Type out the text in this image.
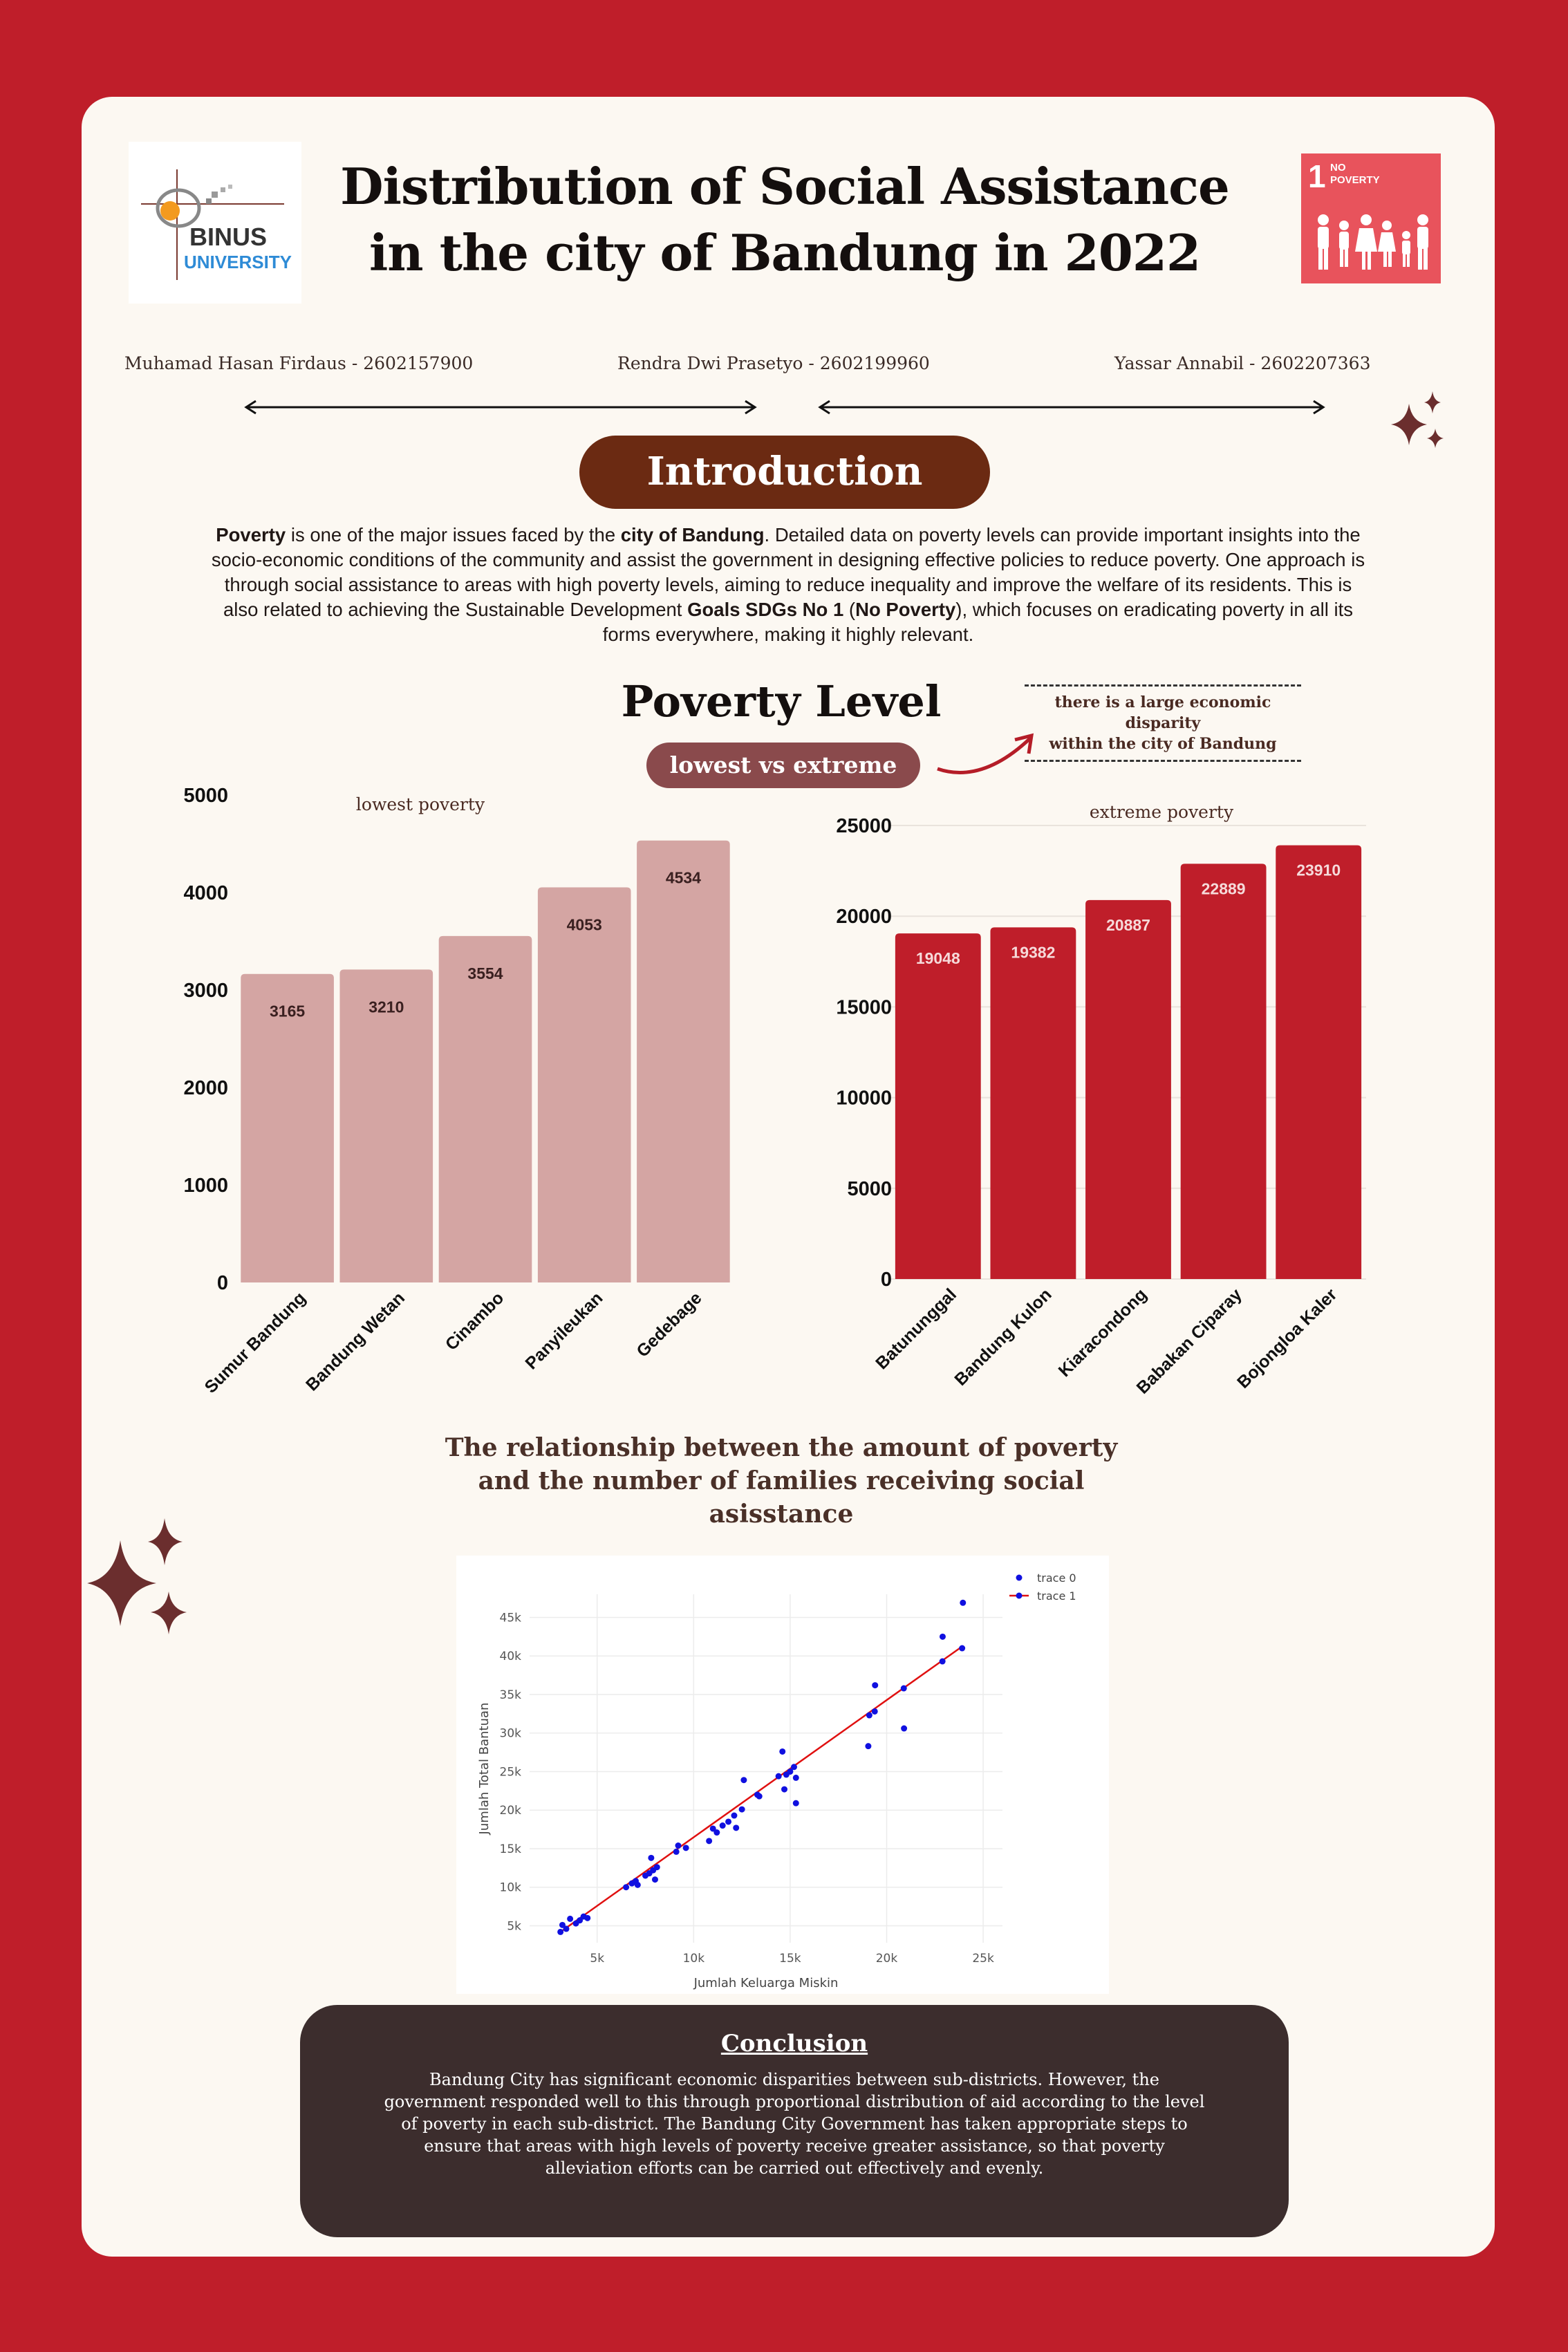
BINUS
UNIVERSITY
Distribution of Social Assistance
in the city of Bandung in 2022
1 NO
POVERTY
Muhamad Hasan Firdaus - 2602157900	Rendra Dwi Prasetyo - 2602199960	Yassar Annabil - 2602207363
Introduction
Poverty is one of the major issues faced by the city of Bandung. Detailed data on poverty levels can provide important insights into the socio-economic conditions of the community and assist the government in designing effective policies to reduce poverty. One approach is through social assistance to areas with high poverty levels, aiming to reduce inequality and improve the welfare of its residents. This is also related to achieving the Sustainable Development Goals SDGs No 1 (No Poverty), which focuses on eradicating poverty in all its forms everywhere, making it highly relevant.
Poverty Level
lowest vs extreme
there is a large economic disparity
within the city of Bandung
0
1000
2000
3000
4000
5000
3165
Sumur Bandung
3210
Bandung Wetan
3554
Cinambo
4053
Panyileukan
4534
Gedebage
lowest poverty
0
5000
10000
15000
20000
25000
19048
Batununggal
19382
Bandung Kulon
20887
Kiaracondong
22889
Babakan Ciparay
23910
Bojongloa Kaler
extreme poverty
The relationship between the amount of poverty and the number of families receiving social asisstance
5k	10k	15k	20k	25k
5k
10k
15k
20k
25k
30k
35k
40k
45k
Jumlah Keluarga Miskin
Jumlah Total Bantuan
trace 0
trace 1
Conclusion
Bandung City has significant economic disparities between sub-districts. However, the government responded well to this through proportional distribution of aid according to the level of poverty in each sub-district. The Bandung City Government has taken appropriate steps to ensure that areas with high levels of poverty receive greater assistance, so that poverty alleviation efforts can be carried out effectively and evenly.
